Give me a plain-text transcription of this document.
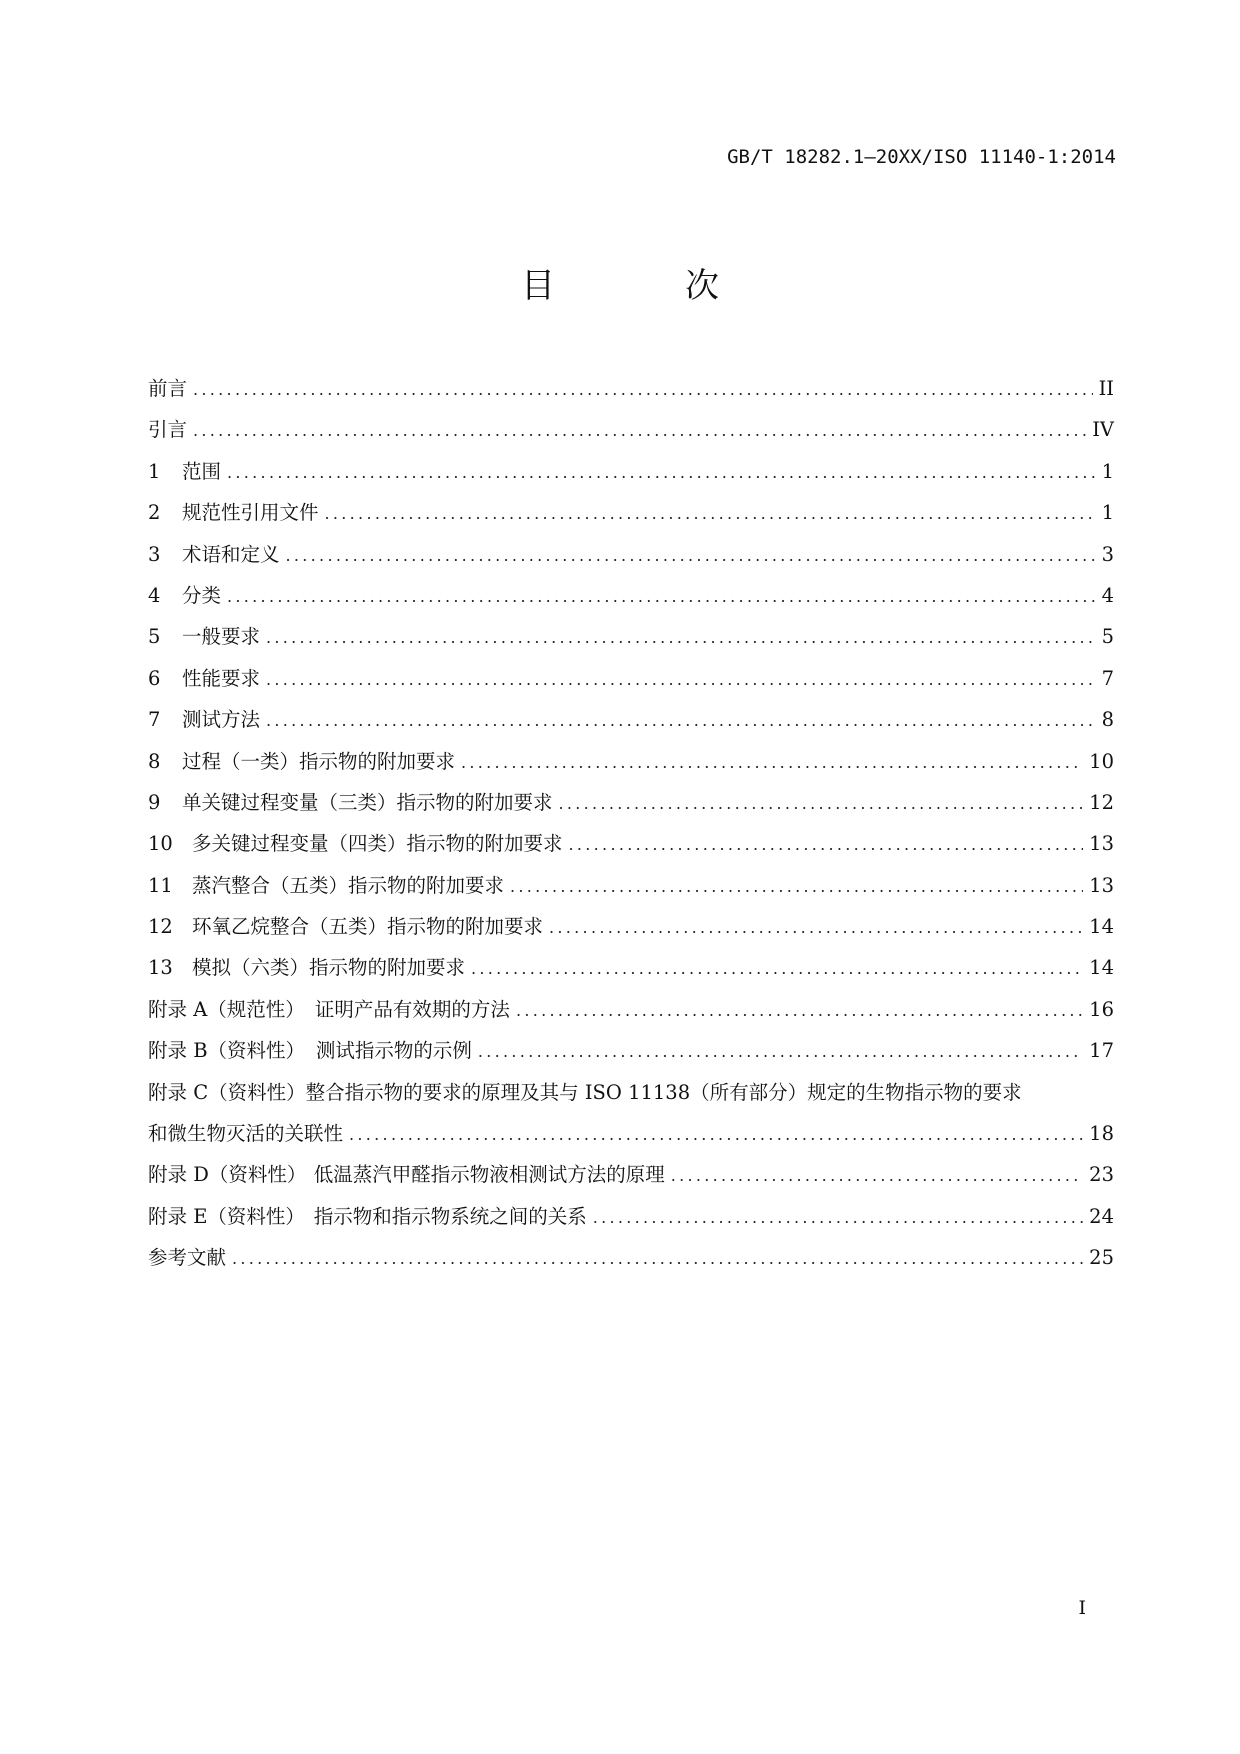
GB/T 18282.1—20XX/ISO 11140-1:2014
目　次
前言 .....	II
引言 .....	IV
1	范围 .....	1
2	规范性引用文件 .....	1
3	术语和定义 .....	3
4	分类 .....	4
5	一般要求 .....	5
6	性能要求 .....	7
7	测试方法 .....	8
8	过程（一类）指示物的附加要求 .....	10
9	单关键过程变量（三类）指示物的附加要求 .....	12
10 多关键过程变量（四类）指示物的附加要求 .....	13
11 蒸汽整合（五类）指示物的附加要求 .....	13
12 环氧乙烷整合（五类）指示物的附加要求 .....	14
13 模拟（六类）指示物的附加要求 .....	14
附录 A（规范性） 证明产品有效期的方法 .....	16
附录 B（资料性） 测试指示物的示例 .....	17
附录 C（资料性）整合指示物的要求的原理及其与 ISO 11138（所有部分）规定的生物指示物的要求
和微生物灭活的关联性 .....	18
附录 D（资料性） 低温蒸汽甲醛指示物液相测试方法的原理 .....	23
附录 E（资料性） 指示物和指示物系统之间的关系 .....	24
参考文献 .....	25
I
